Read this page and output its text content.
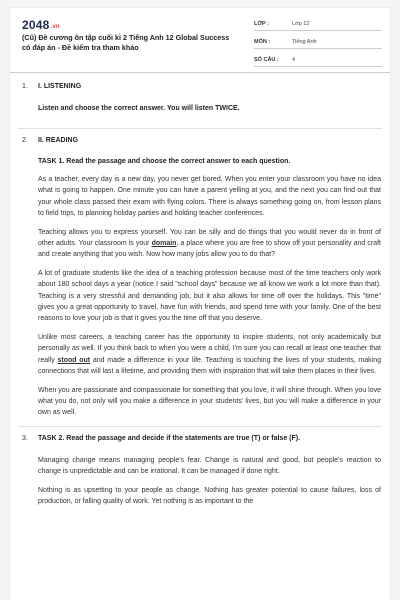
2048.vn
(Cũ) Đề cương ôn tập cuối kì 2 Tiếng Anh 12 Global Success có đáp án - Đề kiểm tra tham khảo
LỚP :	Lớp 12
MÔN :	Tiếng Anh
SỐ CÂU :	4
1. I. LISTENING
Listen and choose the correct answer. You will listen TWICE.
2. II. READING
TASK 1. Read the passage and choose the correct answer to each question.

As a teacher, every day is a new day, you never get bored. When you enter your classroom you have no idea what is going to happen. One minute you can have a parent yelling at you, and the next you can find out that your whole class passed their exam with flying colors. There is always something going on, from lesson plans to field trips, to planning holiday parties and holding teacher conferences.

Teaching allows you to express yourself. You can be silly and do things that you would never do in front of other adults. Your classroom is your domain, a place where you are free to show off your personality and craft and create anything that you wish. Now how many jobs allow you to do that?

A lot of graduate students like the idea of a teaching profession because most of the time teachers only work about 180 school days a year (notice I said "school days" because we all know we work a lot more than that). Teaching is a very stressful and demanding job, but it also allows for time off over the holidays. This "time" gives you a great opportunity to travel, have fun with friends, and spend time with your family. One of the best reasons to love your job is that it gives you the time off that you deserve.

Unlike most careers, a teaching career has the opportunity to inspire students, not only academically but personally as well. If you think back to when you were a child, I'm sure you can recall at least one teacher that really stood out and made a difference in your life. Teaching is touching the lives of your students, making connections that will last a lifetime, and providing them with inspiration that will take them places in their lives.

When you are passionate and compassionate for something that you love, it will shine through. When you love what you do, not only will you make a difference in your students' lives, but you will make a difference in your own as well.

3. TASK 2. Read the passage and decide if the statements are true (T) or false (F).

Managing change means managing people's fear. Change is natural and good, but people's reaction to change is unpredictable and can be irrational. It can be managed if done right.

Nothing is as upsetting to your people as change. Nothing has greater potential to cause failures, loss of production, or falling quality of work. Yet nothing is as important to the
